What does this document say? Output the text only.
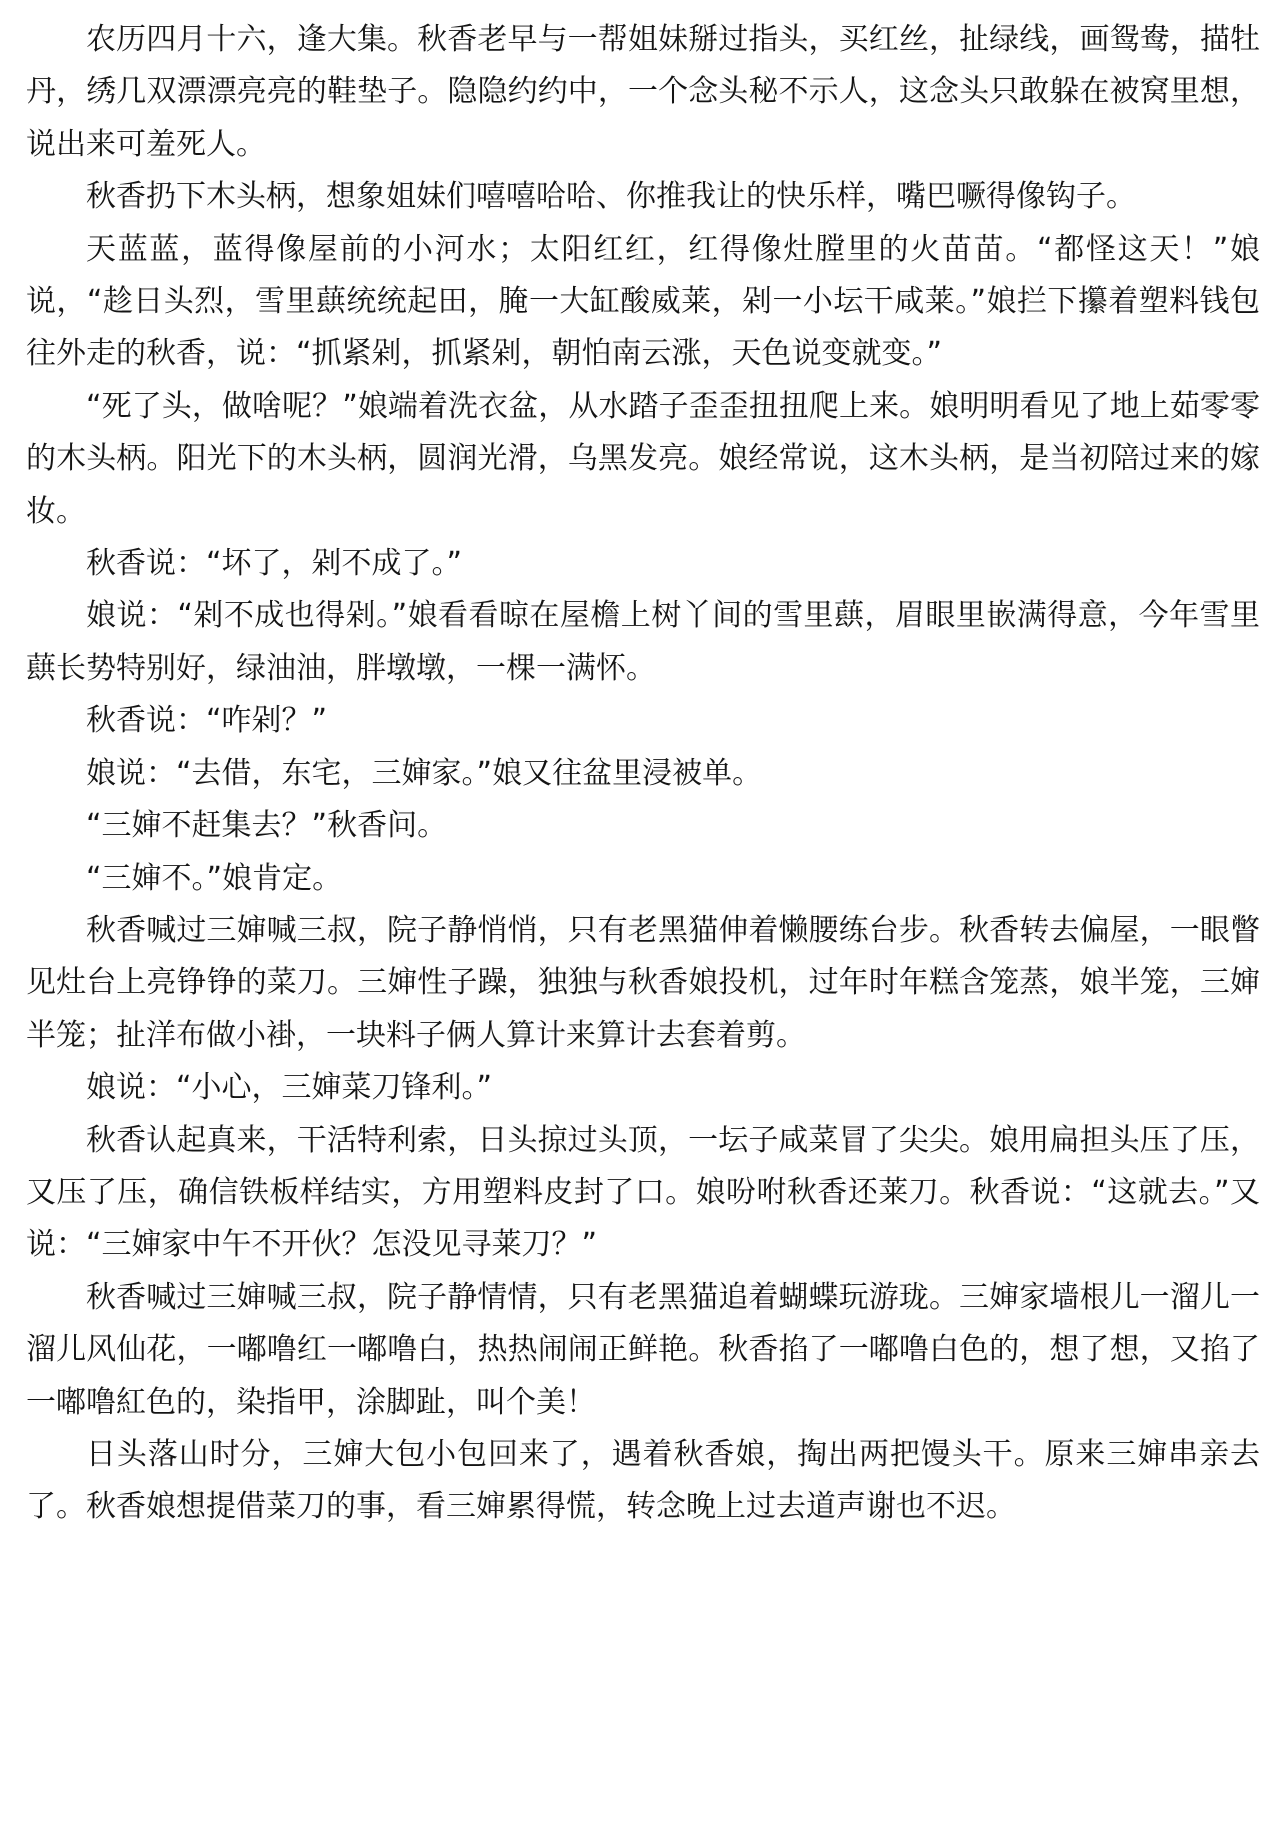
农历四月十六，逢大集。秋香老早与一帮姐妹掰过指头，买红丝，扯绿线，画鸳鸯，描牡丹，绣几双漂漂亮亮的鞋垫子。隐隐约约中，一个念头秘不示人，这念头只敢躲在被窝里想，说出来可羞死人。

秋香扔下木头柄，想象姐妹们嘻嘻哈哈、你推我让的快乐样，嘴巴噘得像钩子。

天蓝蓝，蓝得像屋前的小河水；太阳红红，红得像灶膛里的火苗苗。“都怪这天！”娘说，“趁日头烈，雪里蕻统统起田，腌一大缸酸威莱，剁一小坛干咸莱。”娘拦下攥着塑料钱包往外走的秋香，说：“抓紧剁，抓紧剁，朝怕南云涨，天色说变就变。”

“死了头，做啥呢？”娘端着洗衣盆，从水踏子歪歪扭扭爬上来。娘明明看见了地上茹零零的木头柄。阳光下的木头柄，圆润光滑，乌黑发亮。娘经常说，这木头柄，是当初陪过来的嫁妆。

秋香说：“坏了，剁不成了。”

娘说：“剁不成也得剁。”娘看看晾在屋檐上树丫间的雪里蕻，眉眼里嵌满得意，今年雪里蕻长势特别好，绿油油，胖墩墩，一棵一满怀。

秋香说：“咋剁？”

娘说：“去借，东宅，三婶家。”娘又往盆里浸被单。

“三婶不赶集去？”秋香问。

“三婶不。”娘肯定。

秋香喊过三婶喊三叔，院子静悄悄，只有老黑猫伸着懒腰练台步。秋香转去偏屋，一眼瞥见灶台上亮铮铮的菜刀。三婶性子躁，独独与秋香娘投机，过年时年糕含笼蒸，娘半笼，三婶半笼；扯洋布做小褂，一块料子俩人算计来算计去套着剪。

娘说：“小心，三婶菜刀锋利。”

秋香认起真来，干活特利索，日头掠过头顶，一坛子咸菜冒了尖尖。娘用扁担头压了压， 又压了压，确信铁板样结实，方用塑料皮封了口。娘吩咐秋香还莱刀。秋香说：“这就去。”又说：“三婶家中午不开伙？怎没见寻莱刀？”

秋香喊过三婶喊三叔，院子静情情，只有老黑猫追着蝴蝶玩游珑。三婶家墙根儿一溜儿一溜儿风仙花，一嘟噜红一嘟噜白，热热闹闹正鲜艳。秋香掐了一嘟噜白色的，想了想，又掐了一嘟噜紅色的，染指甲，涂脚趾，叫个美！

日头落山时分，三婶大包小包回来了，遇着秋香娘，掏出两把馒头干。原来三婶串亲去了。秋香娘想提借菜刀的事，看三婶累得慌，转念晚上过去道声谢也不迟。
